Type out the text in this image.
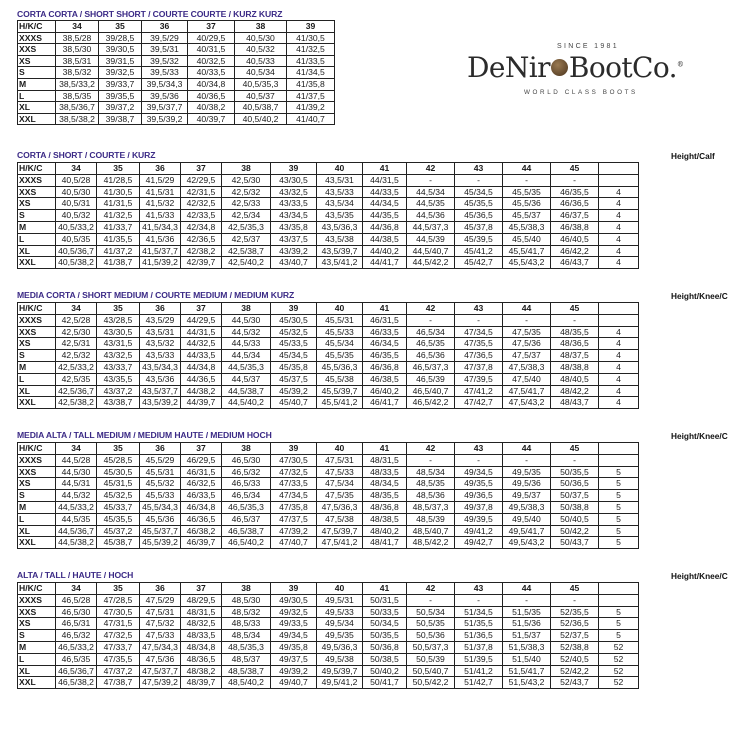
CORTA CORTA / SHORT SHORT / COURTE COURTE / KURZ KURZ
H/K/C	34	35	36	37	38	39
XXXS	38,5/28	39/28,5	39,5/29	40/29,5	40,5/30	41/30,5
XXS	38,5/30	39/30,5	39,5/31	40/31,5	40,5/32	41/32,5
XS	38,5/31	39/31,5	39,5/32	40/32,5	40,5/33	41/33,5
S	38,5/32	39/32,5	39,5/33	40/33,5	40,5/34	41/34,5
M	38,5/33,2	39/33,7	39,5/34,3	40/34,8	40,5/35,3	41/35,8
L	38,5/35	39/35,5	39,5/36	40/36,5	40,5/37	41/37,5
XL	38,5/36,7	39/37,2	39,5/37,7	40/38,2	40,5/38,7	41/39,2
XXL	38,5/38,2	39/38,7	39,5/39,2	40/39,7	40,5/40,2	41/40,7
SINCE 1981
DeNir BootCo.®
WORLD CLASS BOOTS
CORTA / SHORT / COURTE / KURZ	Height/Calf
H/K/C	34	35	36	37	38	39	40	41	42	43	44	45	
XXXS	40,5/28	41/28,5	41,5/29	42/29,5	42,5/30	43/30,5	43,5/31	44/31,5	-	-	-	-	
XXS	40,5/30	41/30,5	41,5/31	42/31,5	42,5/32	43/32,5	43,5/33	44/33,5	44,5/34	45/34,5	45,5/35	46/35,5	4
XS	40,5/31	41/31,5	41,5/32	42/32,5	42,5/33	43/33,5	43,5/34	44/34,5	44,5/35	45/35,5	45,5/36	46/36,5	4
S	40,5/32	41/32,5	41,5/33	42/33,5	42,5/34	43/34,5	43,5/35	44/35,5	44,5/36	45/36,5	45,5/37	46/37,5	4
M	40,5/33,2	41/33,7	41,5/34,3	42/34,8	42,5/35,3	43/35,8	43,5/36,3	44/36,8	44,5/37,3	45/37,8	45,5/38,3	46/38,8	4
L	40,5/35	41/35,5	41,5/36	42/36,5	42,5/37	43/37,5	43,5/38	44/38,5	44,5/39	45/39,5	45,5/40	46/40,5	4
XL	40,5/36,7	41/37,2	41,5/37,7	42/38,2	42,5/38,7	43/39,2	43,5/39,7	44/40,2	44,5/40,7	45/41,2	45,5/41,7	46/42,2	4
XXL	40,5/38,2	41/38,7	41,5/39,2	42/39,7	42,5/40,2	43/40,7	43,5/41,2	44/41,7	44,5/42,2	45/42,7	45,5/43,2	46/43,7	4
MEDIA CORTA / SHORT MEDIUM / COURTE MEDIUM / MEDIUM KURZ	Height/Knee/C
H/K/C	34	35	36	37	38	39	40	41	42	43	44	45	
XXXS	42,5/28	43/28,5	43,5/29	44/29,5	44,5/30	45/30,5	45,5/31	46/31,5	-	-	-	-	
XXS	42,5/30	43/30,5	43,5/31	44/31,5	44,5/32	45/32,5	45,5/33	46/33,5	46,5/34	47/34,5	47,5/35	48/35,5	4
XS	42,5/31	43/31,5	43,5/32	44/32,5	44,5/33	45/33,5	45,5/34	46/34,5	46,5/35	47/35,5	47,5/36	48/36,5	4
S	42,5/32	43/32,5	43,5/33	44/33,5	44,5/34	45/34,5	45,5/35	46/35,5	46,5/36	47/36,5	47,5/37	48/37,5	4
M	42,5/33,2	43/33,7	43,5/34,3	44/34,8	44,5/35,3	45/35,8	45,5/36,3	46/36,8	46,5/37,3	47/37,8	47,5/38,3	48/38,8	4
L	42,5/35	43/35,5	43,5/36	44/36,5	44,5/37	45/37,5	45,5/38	46/38,5	46,5/39	47/39,5	47,5/40	48/40,5	4
XL	42,5/36,7	43/37,2	43,5/37,7	44/38,2	44,5/38,7	45/39,2	45,5/39,7	46/40,2	46,5/40,7	47/41,2	47,5/41,7	48/42,2	4
XXL	42,5/38,2	43/38,7	43,5/39,2	44/39,7	44,5/40,2	45/40,7	45,5/41,2	46/41,7	46,5/42,2	47/42,7	47,5/43,2	48/43,7	4
MEDIA ALTA / TALL MEDIUM / MEDIUM HAUTE / MEDIUM HOCH	Height/Knee/C
H/K/C	34	35	36	37	38	39	40	41	42	43	44	45	
XXXS	44,5/28	45/28,5	45,5/29	46/29,5	46,5/30	47/30,5	47,5/31	48/31,5	-	-	-	-	
XXS	44,5/30	45/30,5	45,5/31	46/31,5	46,5/32	47/32,5	47,5/33	48/33,5	48,5/34	49/34,5	49,5/35	50/35,5	5
XS	44,5/31	45/31,5	45,5/32	46/32,5	46,5/33	47/33,5	47,5/34	48/34,5	48,5/35	49/35,5	49,5/36	50/36,5	5
S	44,5/32	45/32,5	45,5/33	46/33,5	46,5/34	47/34,5	47,5/35	48/35,5	48,5/36	49/36,5	49,5/37	50/37,5	5
M	44,5/33,2	45/33,7	45,5/34,3	46/34,8	46,5/35,3	47/35,8	47,5/36,3	48/36,8	48,5/37,3	49/37,8	49,5/38,3	50/38,8	5
L	44,5/35	45/35,5	45,5/36	46/36,5	46,5/37	47/37,5	47,5/38	48/38,5	48,5/39	49/39,5	49,5/40	50/40,5	5
XL	44,5/36,7	45/37,2	45,5/37,7	46/38,2	46,5/38,7	47/39,2	47,5/39,7	48/40,2	48,5/40,7	49/41,2	49,5/41,7	50/42,2	5
XXL	44,5/38,2	45/38,7	45,5/39,2	46/39,7	46,5/40,2	47/40,7	47,5/41,2	48/41,7	48,5/42,2	49/42,7	49,5/43,2	50/43,7	5
ALTA / TALL / HAUTE / HOCH	Height/Knee/C
H/K/C	34	35	36	37	38	39	40	41	42	43	44	45	
XXXS	46,5/28	47/28,5	47,5/29	48/29,5	48,5/30	49/30,5	49,5/31	50/31,5	-	-	-	-	
XXS	46,5/30	47/30,5	47,5/31	48/31,5	48,5/32	49/32,5	49,5/33	50/33,5	50,5/34	51/34,5	51,5/35	52/35,5	5
XS	46,5/31	47/31,5	47,5/32	48/32,5	48,5/33	49/33,5	49,5/34	50/34,5	50,5/35	51/35,5	51,5/36	52/36,5	5
S	46,5/32	47/32,5	47,5/33	48/33,5	48,5/34	49/34,5	49,5/35	50/35,5	50,5/36	51/36,5	51,5/37	52/37,5	5
M	46,5/33,2	47/33,7	47,5/34,3	48/34,8	48,5/35,3	49/35,8	49,5/36,3	50/36,8	50,5/37,3	51/37,8	51,5/38,3	52/38,8	52
L	46,5/35	47/35,5	47,5/36	48/36,5	48,5/37	49/37,5	49,5/38	50/38,5	50,5/39	51/39,5	51,5/40	52/40,5	52
XL	46,5/36,7	47/37,2	47,5/37,7	48/38,2	48,5/38,7	49/39,2	49,5/39,7	50/40,2	50,5/40,7	51/41,2	51,5/41,7	52/42,2	52
XXL	46,5/38,2	47/38,7	47,5/39,2	48/39,7	48,5/40,2	49/40,7	49,5/41,2	50/41,7	50,5/42,2	51/42,7	51,5/43,2	52/43,7	52
